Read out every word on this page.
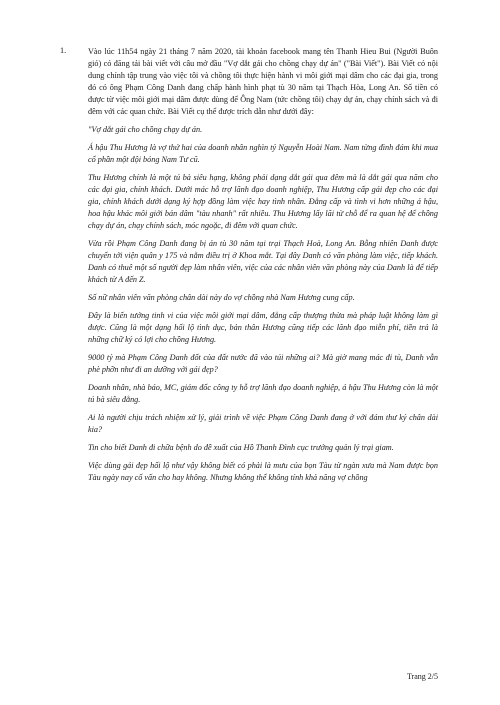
1.	Vào lúc 11h54 ngày 21 tháng 7 năm 2020, tài khoản facebook mang tên Thanh Hieu Bui (Người Buôn gió) có đăng tải bài viết với câu mở đầu "Vợ dắt gái cho chồng chạy dự án" ("Bài Viết"). Bài Viết có nội dung chính tập trung vào việc tôi và chồng tôi thực hiện hành vi môi giới mại dâm cho các đại gia, trong đó có ông Phạm Công Danh đang chấp hành hình phạt tù 30 năm tại Thạch Hòa, Long An. Số tiền có được từ việc môi giới mại dâm được dùng để Ông Nam (tức chồng tôi) chạy dự án, chạy chính sách và đi đêm với các quan chức. Bài Viết cụ thể được trích dẫn như dưới đây:

"Vợ dắt gái cho chồng chạy dự án.

Á hậu Thu Hương là vợ thứ hai của doanh nhân nghìn tỷ Nguyễn Hoài Nam. Nam từng đình đám khi mua cổ phần một đội bóng Nam Tư cũ.

Thu Hương chính là một tú bà siêu hạng, không phải dạng dắt gái qua đêm mà là dắt gái qua năm cho các đại gia, chính khách. Dưới mác hỗ trợ lãnh đạo doanh nghiệp, Thu Hương cấp gái đẹp cho các đại gia, chính khách dưới dạng ký hợp đồng làm việc hay tình nhân. Đẳng cấp và tình vi hơn những á hậu, hoa hậu khác môi giới bán dâm "tàu nhanh" rất nhiều. Thu Hương lấy lãi từ chỗ để ra quan hệ để chồng chạy dự án, chạy chính sách, móc ngoặc, đi đêm với quan chức.

Vừa rồi Phạm Công Danh đang bị án tù 30 năm tại trại Thạch Hoà, Long An. Bỗng nhiên Danh được chuyển tới viện quân y 175 và nằm điều trị ở Khoa mắt. Tại đây Danh có văn phòng làm việc, tiếp khách. Danh có thuê một số người đẹp làm nhân viên, việc của các nhân viên văn phòng này của Danh là để tiếp khách từ A đến Z.

Số nữ nhân viên văn phòng chân dài này do vợ chồng nhà Nam Hương cung cấp.

Đây là biến tướng tinh vi của việc môi giới mại dâm, đẳng cấp thượng thừa mà pháp luật không làm gì được. Cũng là một dạng hối lộ tình dục, bản thân Hương cũng tiếp các lãnh đạo miễn phí, tiền trả là những chữ ký có lợi cho chồng Hương.

9000 tỷ mà Phạm Công Danh đốt của đất nước đã vào túi những ai? Mà giờ mang mác đi tù, Danh vẫn phè phỡn như đi an dưỡng với gái đẹp?

Doanh nhân, nhà báo, MC, giám đốc công ty hỗ trợ lãnh đạo doanh nghiệp, á hậu Thu Hương còn là một tú bà siêu đẳng.

Ai là người chịu trách nhiệm xử lý, giải trình về việc Phạm Công Danh đang ở với đám thư ký chân dài kia?

Tin cho biết Danh đi chữa bệnh do đề xuất của Hồ Thanh Đình cục trưởng quản lý trại giam.

Việc dùng gái đẹp hối lộ như vậy không biết có phải là mưu của bọn Tàu từ ngàn xưa mà Nam được bọn Tàu ngày nay cố vấn cho hay không. Nhưng không thể không tính khả năng vợ chồng

Trang 2/5
